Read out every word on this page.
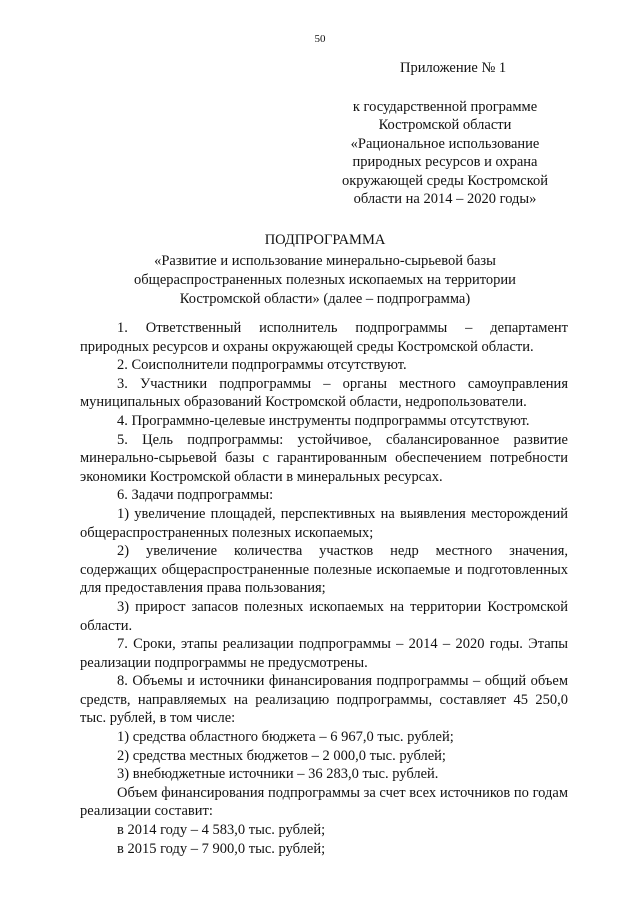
50
Приложение № 1
к государственной программе
Костромской области
«Рациональное использование
природных ресурсов и охрана
окружающей среды Костромской
области на 2014 – 2020 годы»
ПОДПРОГРАММА
«Развитие и использование минерально-сырьевой базы
общераспространенных полезных ископаемых на территории
Костромской области» (далее – подпрограмма)

1. Ответственный исполнитель подпрограммы – департамент природных ресурсов и охраны окружающей среды Костромской области.

2. Соисполнители подпрограммы отсутствуют.

3. Участники подпрограммы – органы местного самоуправления муниципальных образований Костромской области, недропользователи.

4. Программно-целевые инструменты подпрограммы отсутствуют.

5. Цель подпрограммы: устойчивое, сбалансированное развитие минерально-сырьевой базы с гарантированным обеспечением потребности экономики Костромской области в минеральных ресурсах.

6. Задачи подпрограммы:

1) увеличение площадей, перспективных на выявления месторождений общераспространенных полезных ископаемых;

2) увеличение количества участков недр местного значения, содержащих общераспространенные полезные ископаемые и подготовленных для предоставления права пользования;

3) прирост запасов полезных ископаемых на территории Костромской области.

7. Сроки, этапы реализации подпрограммы – 2014 – 2020 годы. Этапы реализации подпрограммы не предусмотрены.

8. Объемы и источники финансирования подпрограммы – общий объем средств, направляемых на реализацию подпрограммы, составляет 45 250,0 тыс. рублей, в том числе:

1) средства областного бюджета – 6 967,0 тыс. рублей;

2) средства местных бюджетов – 2 000,0 тыс. рублей;

3) внебюджетные источники – 36 283,0 тыс. рублей.

Объем финансирования подпрограммы за счет всех источников по годам реализации составит:

в 2014 году – 4 583,0 тыс. рублей;

в 2015 году – 7 900,0 тыс. рублей;
